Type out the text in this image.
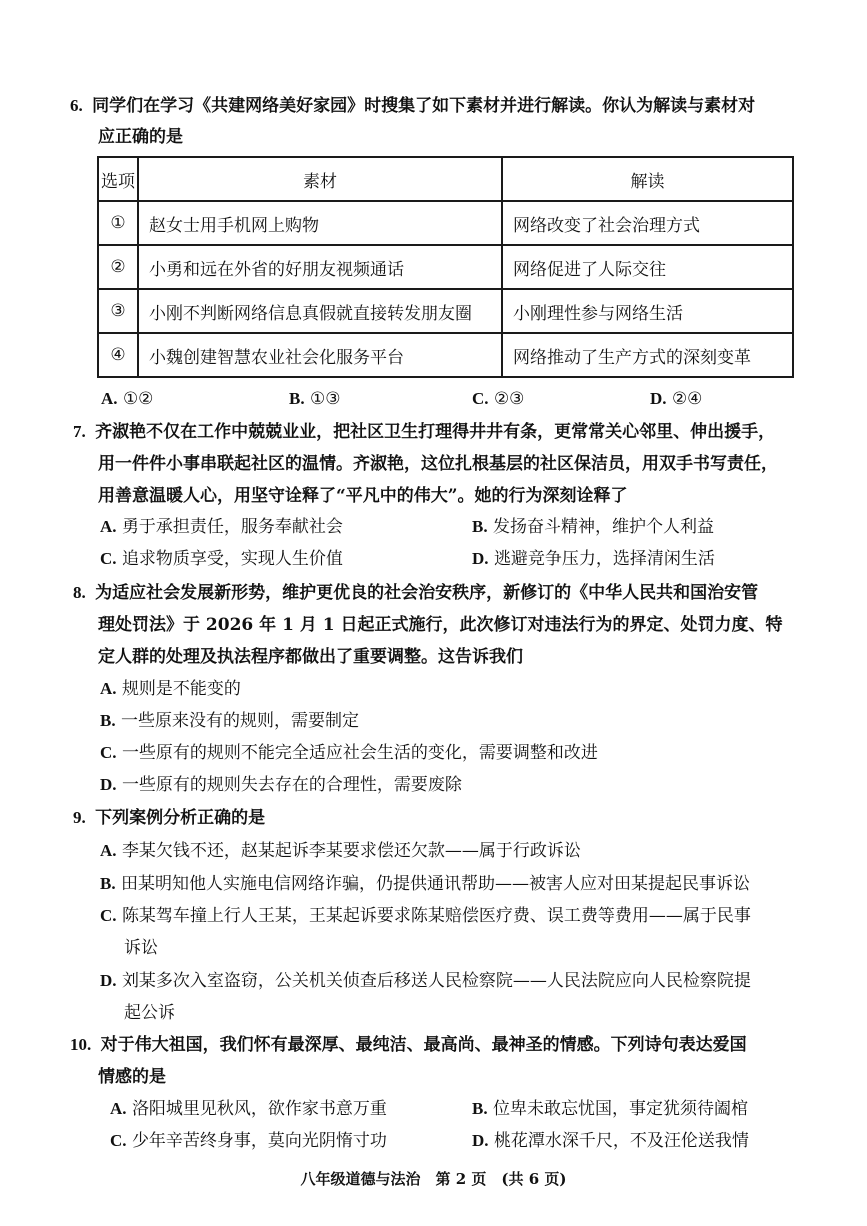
6. 同学们在学习《共建网络美好家园》时搜集了如下素材并进行解读。你认为解读与素材对
应正确的是
选项	素材	解读
①	赵女士用手机网上购物	网络改变了社会治理方式
②	小勇和远在外省的好朋友视频通话	网络促进了人际交往
③	小刚不判断网络信息真假就直接转发朋友圈	小刚理性参与网络生活
④	小魏创建智慧农业社会化服务平台	网络推动了生产方式的深刻变革
A. ①②	B. ①③	C. ②③	D. ②④
7. 齐淑艳不仅在工作中兢兢业业，把社区卫生打理得井井有条，更常常关心邻里、伸出援手，
用一件件小事串联起社区的温情。齐淑艳，这位扎根基层的社区保洁员，用双手书写责任，
用善意温暖人心，用坚守诠释了“平凡中的伟大”。她的行为深刻诠释了
A. 勇于承担责任，服务奉献社会	B. 发扬奋斗精神，维护个人利益
C. 追求物质享受，实现人生价值	D. 逃避竞争压力，选择清闲生活
8. 为适应社会发展新形势，维护更优良的社会治安秩序，新修订的《中华人民共和国治安管
理处罚法》于 2026 年 1 月 1 日起正式施行，此次修订对违法行为的界定、处罚力度、特
定人群的处理及执法程序都做出了重要调整。这告诉我们
A. 规则是不能变的
B. 一些原来没有的规则，需要制定
C. 一些原有的规则不能完全适应社会生活的变化，需要调整和改进
D. 一些原有的规则失去存在的合理性，需要废除
9. 下列案例分析正确的是
A. 李某欠钱不还，赵某起诉李某要求偿还欠款——属于行政诉讼
B. 田某明知他人实施电信网络诈骗，仍提供通讯帮助——被害人应对田某提起民事诉讼
C. 陈某驾车撞上行人王某，王某起诉要求陈某赔偿医疗费、误工费等费用——属于民事
诉讼
D. 刘某多次入室盗窃，公关机关侦查后移送人民检察院——人民法院应向人民检察院提
起公诉
10. 对于伟大祖国，我们怀有最深厚、最纯洁、最高尚、最神圣的情感。下列诗句表达爱国
情感的是
A. 洛阳城里见秋风，欲作家书意万重	B. 位卑未敢忘忧国，事定犹须待阖棺
C. 少年辛苦终身事，莫向光阴惰寸功	D. 桃花潭水深千尺，不及汪伦送我情
八年级道德与法治　第 2 页　(共 6 页)
